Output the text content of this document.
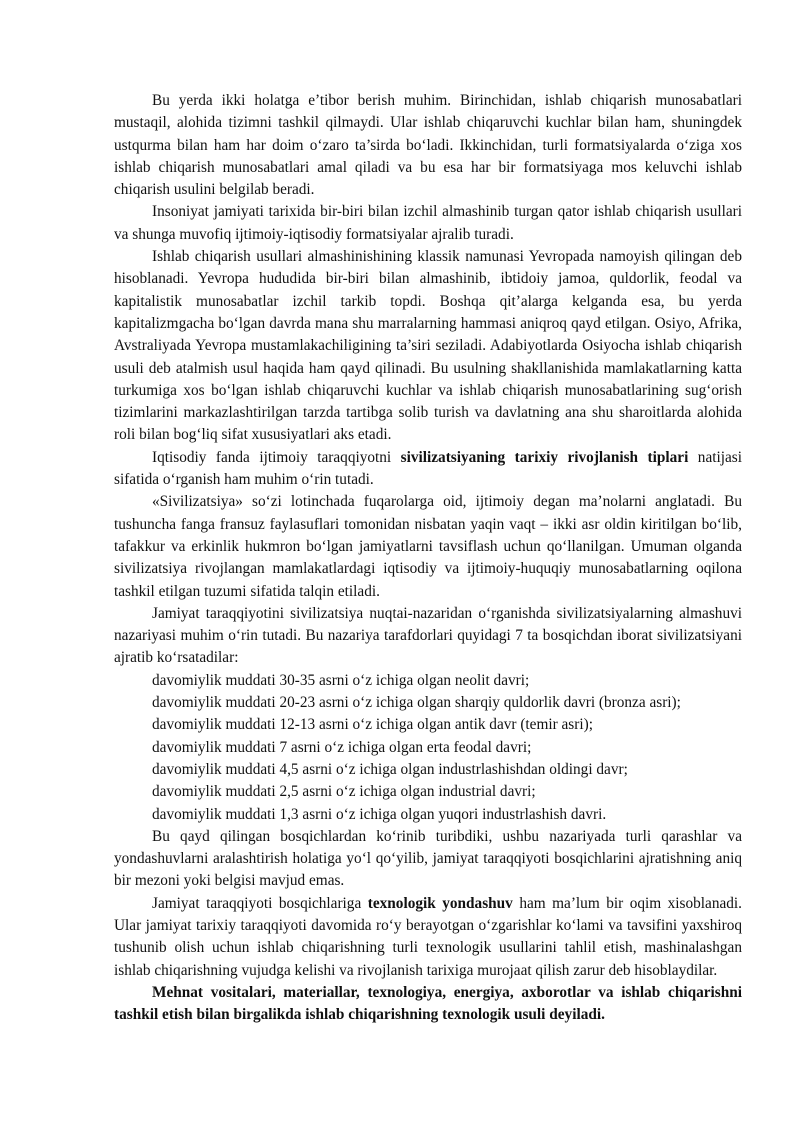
Bu yerda ikki holatga e’tibor berish muhim. Birinchidan, ishlab chiqarish munosabatlari mustaqil, alohida tizimni tashkil qilmaydi. Ular ishlab chiqaruvchi kuchlar bilan ham, shuningdek ustqurma bilan ham har doim o‘zaro ta’sirda bo‘ladi. Ikkinchidan, turli formatsiyalarda o‘ziga xos ishlab chiqarish munosabatlari amal qiladi va bu esa har bir formatsiyaga mos keluvchi ishlab chiqarish usulini belgilab beradi.

Insoniyat jamiyati tarixida bir-biri bilan izchil almashinib turgan qator ishlab chiqarish usullari va shunga muvofiq ijtimoiy-iqtisodiy formatsiyalar ajralib turadi.

Ishlab chiqarish usullari almashinishining klassik namunasi Yevropada namoyish qilingan deb hisoblanadi. Yevropa hududida bir-biri bilan almashinib, ibtidoiy jamoa, quldorlik, feodal va kapitalistik munosabatlar izchil tarkib topdi. Boshqa qit’alarga kelganda esa, bu yerda kapitalizmgacha bo‘lgan davrda mana shu marralarning hammasi aniqroq qayd etilgan. Osiyo, Afrika, Avstraliyada Yevropa mustamlakachiligining ta’siri seziladi. Adabiyotlarda Osiyocha ishlab chiqarish usuli deb atalmish usul haqida ham qayd qilinadi. Bu usulning shakllanishida mamlakatlarning katta turkumiga xos bo‘lgan ishlab chiqaruvchi kuchlar va ishlab chiqarish munosabatlarining sug‘orish tizimlarini markazlashtirilgan tarzda tartibga solib turish va davlatning ana shu sharoitlarda alohida roli bilan bog‘liq sifat xususiyatlari aks etadi.

Iqtisodiy fanda ijtimoiy taraqqiyotni sivilizatsiyaning tarixiy rivojlanish tiplari natijasi sifatida o‘rganish ham muhim o‘rin tutadi.

«Sivilizatsiya» so‘zi lotinchada fuqarolarga oid, ijtimoiy degan ma’nolarni anglatadi. Bu tushuncha fanga fransuz faylasuflari tomonidan nisbatan yaqin vaqt – ikki asr oldin kiritilgan bo‘lib, tafakkur va erkinlik hukmron bo‘lgan jamiyatlarni tavsiflash uchun qo‘llanilgan. Umuman olganda sivilizatsiya rivojlangan mamlakatlardagi iqtisodiy va ijtimoiy-huquqiy munosabatlarning oqilona tashkil etilgan tuzumi sifatida talqin etiladi.

Jamiyat taraqqiyotini sivilizatsiya nuqtai-nazaridan o‘rganishda sivilizatsiyalarning almashuvi nazariyasi muhim o‘rin tutadi. Bu nazariya tarafdorlari quyidagi 7 ta bosqichdan iborat sivilizatsiyani ajratib ko‘rsatadilar:

davomiylik muddati 30-35 asrni o‘z ichiga olgan neolit davri;

davomiylik muddati 20-23 asrni o‘z ichiga olgan sharqiy quldorlik davri (bronza asri);

davomiylik muddati 12-13 asrni o‘z ichiga olgan antik davr (temir asri);

davomiylik muddati 7 asrni o‘z ichiga olgan erta feodal davri;

davomiylik muddati 4,5 asrni o‘z ichiga olgan industrlashishdan oldingi davr;

davomiylik muddati 2,5 asrni o‘z ichiga olgan industrial davri;

davomiylik muddati 1,3 asrni o‘z ichiga olgan yuqori industrlashish davri.

Bu qayd qilingan bosqichlardan ko‘rinib turibdiki, ushbu nazariyada turli qarashlar va yondashuvlarni aralashtirish holatiga yo‘l qo‘yilib, jamiyat taraqqiyoti bosqichlarini ajratishning aniq bir mezoni yoki belgisi mavjud emas.

Jamiyat taraqqiyoti bosqichlariga texnologik yondashuv ham ma’lum bir oqim xisoblanadi. Ular jamiyat tarixiy taraqqiyoti davomida ro‘y berayotgan o‘zgarishlar ko‘lami va tavsifini yaxshiroq tushunib olish uchun ishlab chiqarishning turli texnologik usullarini tahlil etish, mashinalashgan ishlab chiqarishning vujudga kelishi va rivojlanish tarixiga murojaat qilish zarur deb hisoblaydilar.

Mehnat vositalari, materiallar, texnologiya, energiya, axborotlar va ishlab chiqarishni tashkil etish bilan birgalikda ishlab chiqarishning texnologik usuli deyiladi.
